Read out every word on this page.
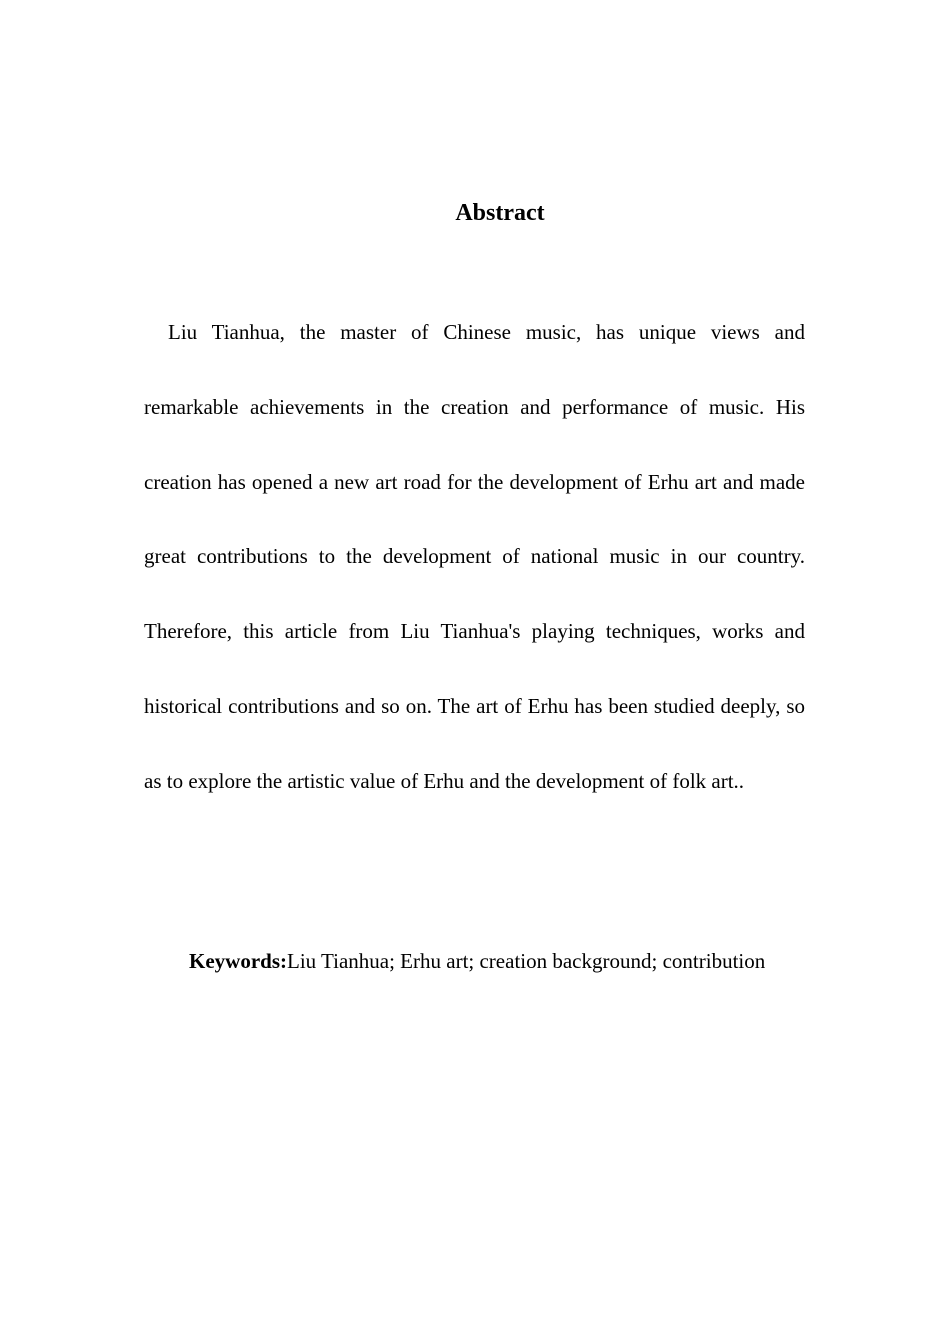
Abstract

Liu Tianhua, the master of Chinese music, has unique views and remarkable achievements in the creation and performance of music. His creation has opened a new art road for the development of Erhu art and made great contributions to the development of national music in our country. Therefore, this article from Liu Tianhua's playing techniques, works and historical contributions and so on. The art of Erhu has been studied deeply, so as to explore the artistic value of Erhu and the development of folk art..

Keywords:Liu Tianhua; Erhu art; creation background; contribution
